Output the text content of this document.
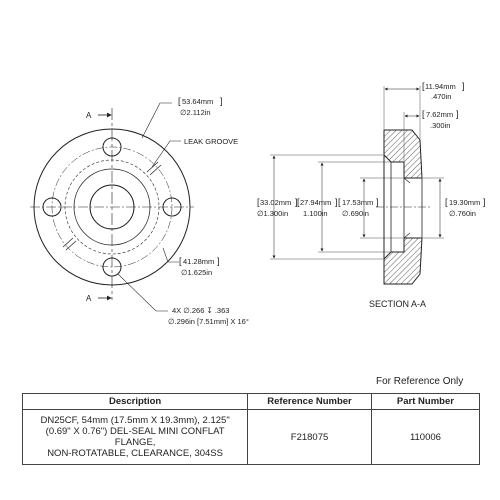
A
A
53.64mm
∅2.112in
[	]
LEAK GROOVE
41.28mm
∅1.625in
[	]
4X ∅.266 ↧ .363
∅.296in [7.51mm] X 16°
[ 11.94mm ]
.470in
[ 7.62mm ]
.300in
[ 33.02mm ]
∅1.300in
[ 27.94mm ]
1.100in
[ 17.53mm ]
∅.690in
[ 19.30mm ]
∅.760in
SECTION A-A
For Reference Only
Description	Reference Number	Part Number

DN25CF, 54mm (17.5mm X 19.3mm), 2.125"
(0.69" X 0.76") DEL-SEAL MINI CONFLAT FLANGE,
NON-ROTATABLE, CLEARANCE, 304SS	F218075	110006
